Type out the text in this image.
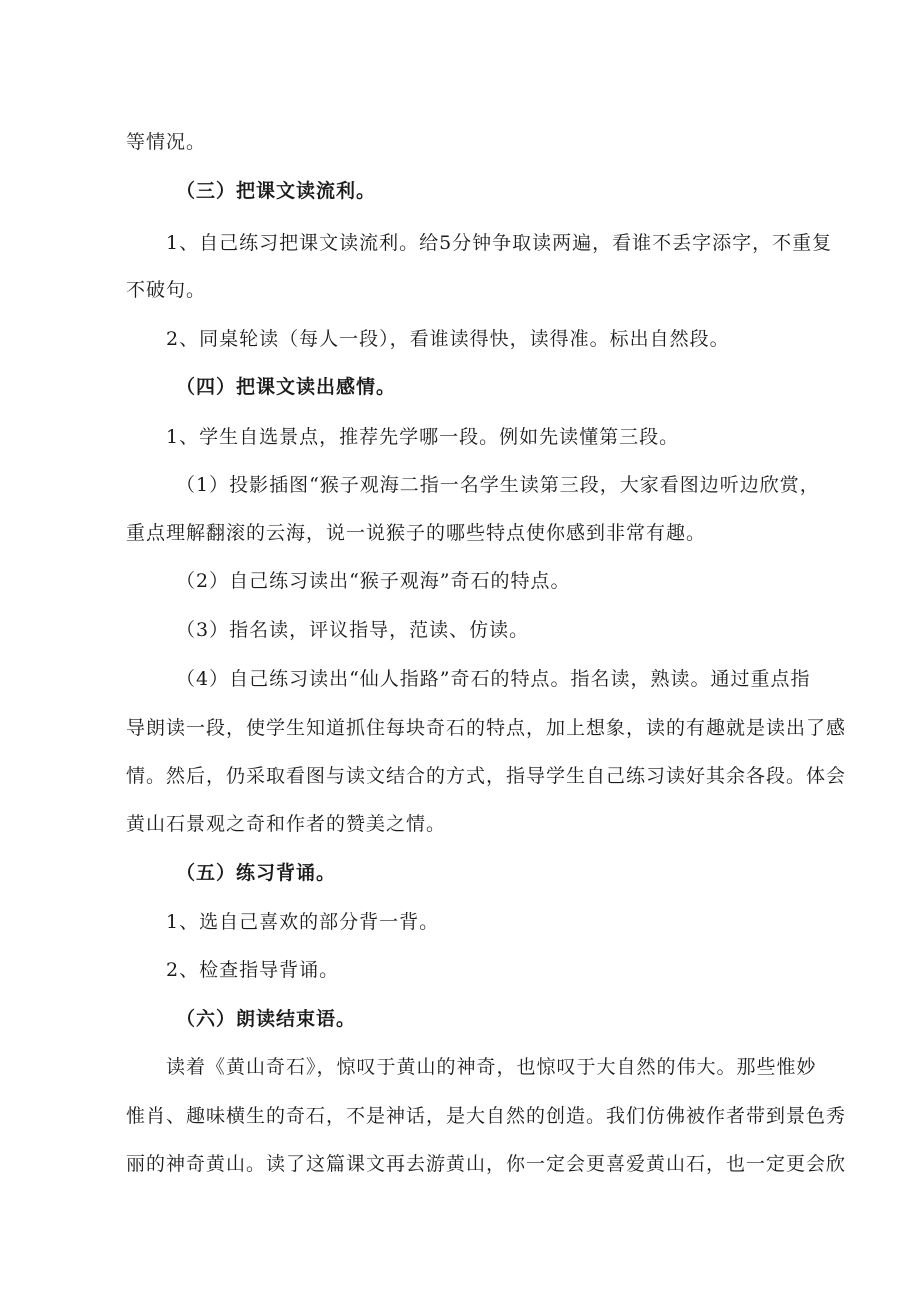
等情况。
（三）把课文读流利。
1、自己练习把课文读流利。给5分钟争取读两遍，看谁不丢字添字，不重复
不破句。
2、同桌轮读（每人一段），看谁读得快，读得准。标出自然段。
（四）把课文读出感情。
1、学生自选景点，推荐先学哪一段。例如先读懂第三段。
（1）投影插图“猴子观海二指一名学生读第三段，大家看图边听边欣赏，
重点理解翻滚的云海，说一说猴子的哪些特点使你感到非常有趣。
（2）自己练习读出“猴子观海”奇石的特点。
（3）指名读，评议指导，范读、仿读。
（4）自己练习读出“仙人指路”奇石的特点。指名读，熟读。通过重点指
导朗读一段，使学生知道抓住每块奇石的特点，加上想象，读的有趣就是读出了感
情。然后，仍采取看图与读文结合的方式，指导学生自己练习读好其余各段。体会
黄山石景观之奇和作者的赞美之情。
（五）练习背诵。
1、选自己喜欢的部分背一背。
2、检查指导背诵。
（六）朗读结束语。
读着《黄山奇石》，惊叹于黄山的神奇，也惊叹于大自然的伟大。那些惟妙
惟肖、趣味横生的奇石，不是神话，是大自然的创造。我们仿佛被作者带到景色秀
丽的神奇黄山。读了这篇课文再去游黄山，你一定会更喜爱黄山石，也一定更会欣
